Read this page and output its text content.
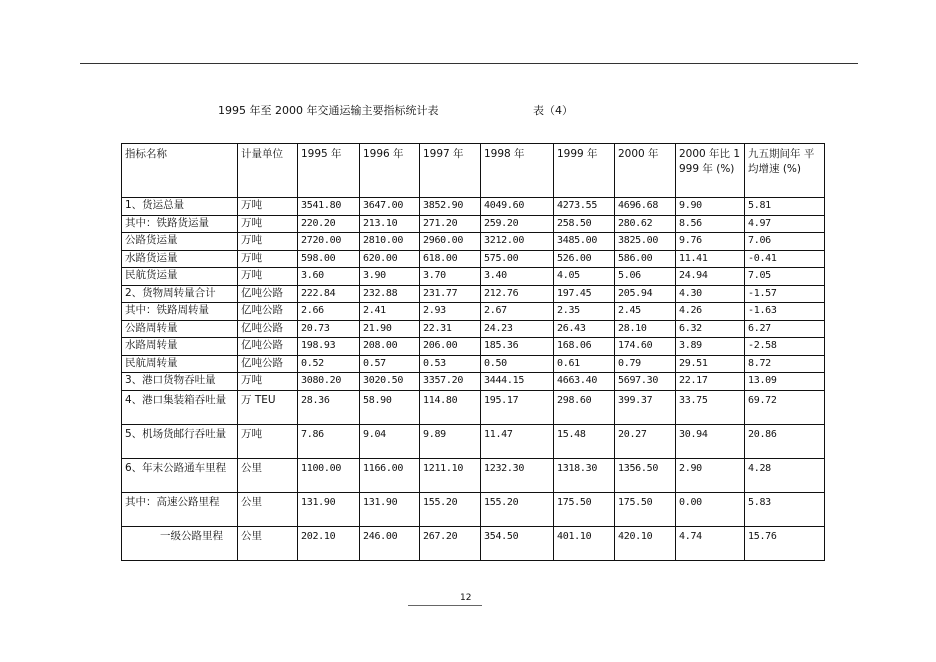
1995 年至 2000 年交通运输主要指标统计表	表（4）
指标名称	计量单位	1995 年	1996 年	1997 年	1998 年	1999 年	2000 年	2000 年比 1999 年 (%)	九五期间年 平均增速 (%)
1、货运总量	万吨	3541.80	3647.00	3852.90	4049.60	4273.55	4696.68	9.90	5.81
其中：铁路货运量	万吨	220.20	213.10	271.20	259.20	258.50	280.62	8.56	4.97
公路货运量	万吨	2720.00	2810.00	2960.00	3212.00	3485.00	3825.00	9.76	7.06
水路货运量	万吨	598.00	620.00	618.00	575.00	526.00	586.00	11.41	-0.41
民航货运量	万吨	3.60	3.90	3.70	3.40	4.05	5.06	24.94	7.05
2、货物周转量合计	亿吨公路	222.84	232.88	231.77	212.76	197.45	205.94	4.30	-1.57
其中：铁路周转量	亿吨公路	2.66	2.41	2.93	2.67	2.35	2.45	4.26	-1.63
公路周转量	亿吨公路	20.73	21.90	22.31	24.23	26.43	28.10	6.32	6.27
水路周转量	亿吨公路	198.93	208.00	206.00	185.36	168.06	174.60	3.89	-2.58
民航周转量	亿吨公路	0.52	0.57	0.53	0.50	0.61	0.79	29.51	8.72
3、港口货物吞吐量	万吨	3080.20	3020.50	3357.20	3444.15	4663.40	5697.30	22.17	13.09
4、港口集装箱吞吐量	万 TEU	28.36	58.90	114.80	195.17	298.60	399.37	33.75	69.72
5、机场货邮行吞吐量	万吨	7.86	9.04	9.89	11.47	15.48	20.27	30.94	20.86
6、年末公路通车里程	公里	1100.00	1166.00	1211.10	1232.30	1318.30	1356.50	2.90	4.28
其中：高速公路里程	公里	131.90	131.90	155.20	155.20	175.50	175.50	0.00	5.83
一级公路里程	公里	202.10	246.00	267.20	354.50	401.10	420.10	4.74	15.76
12
